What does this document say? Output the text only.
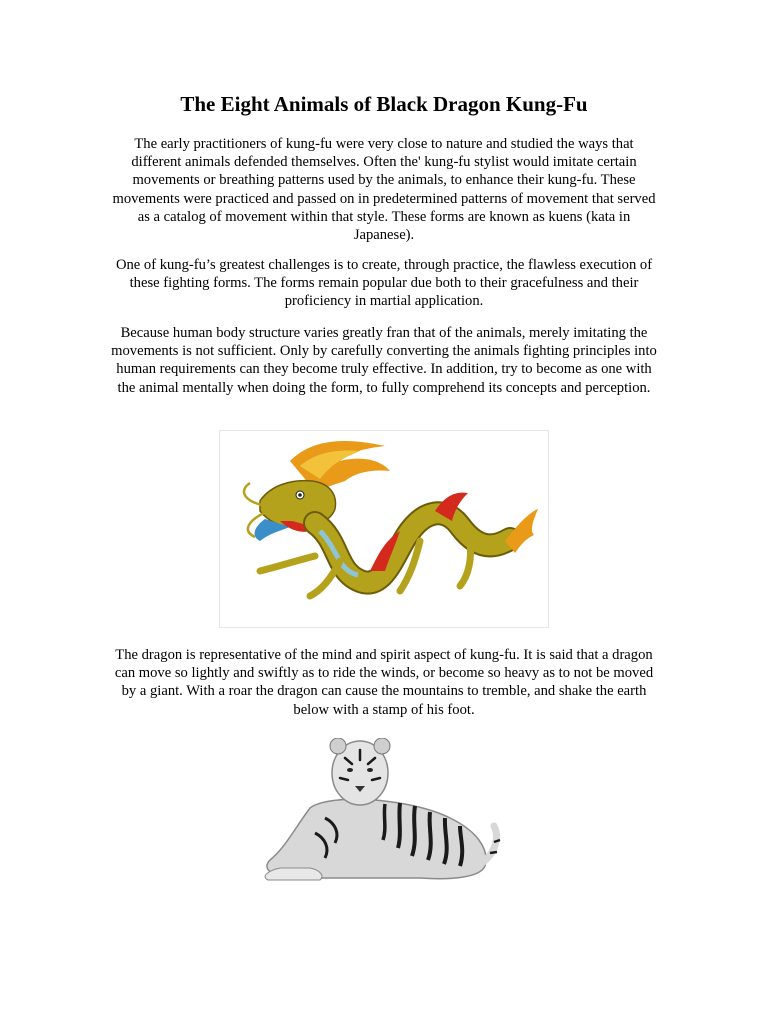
The Eight Animals of Black Dragon Kung-Fu

The early practitioners of kung-fu were very close to nature and studied the ways that different animals defended themselves. Often the' kung-fu stylist would imitate certain movements or breathing patterns used by the animals, to enhance their kung-fu. These movements were practiced and passed on in predetermined patterns of movement that served as a catalog of movement within that style. These forms are known as kuens (kata in Japanese).

One of kung-fu’s greatest challenges is to create, through practice, the flawless execution of these fighting forms. The forms remain popular due both to their gracefulness and their proficiency in martial application.

Because human body structure varies greatly fran that of the animals, merely imitating the movements is not sufficient. Only by carefully converting the animals fighting principles into human requirements can they become truly effective. In addition, try to become as one with the animal mentally when doing the form, to fully comprehend its concepts and perception.

The dragon is representative of the mind and spirit aspect of kung-fu. It is said that a dragon can move so lightly and swiftly as to ride the winds, or become so heavy as to not be moved by a giant. With a roar the dragon can cause the mountains to tremble, and shake the earth below with a stamp of his foot.
